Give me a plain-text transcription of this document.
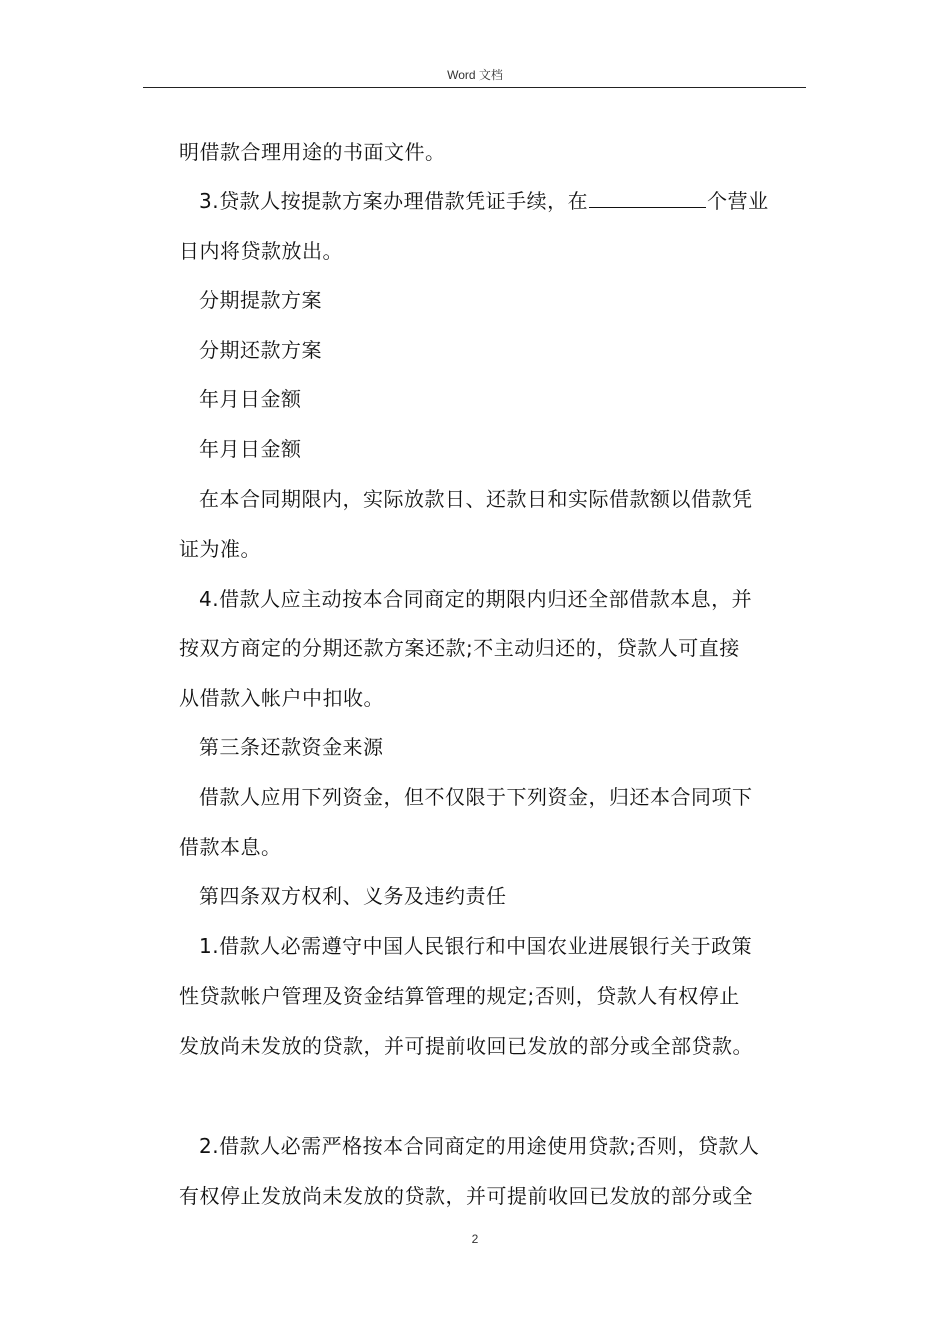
Word 文档
明借款合理用途的书面文件。
3.贷款人按提款方案办理借款凭证手续，在	个营业
日内将贷款放出。
分期提款方案
分期还款方案
年月日金额
年月日金额
在本合同期限内，实际放款日、还款日和实际借款额以借款凭
证为准。
4.借款人应主动按本合同商定的期限内归还全部借款本息，并
按双方商定的分期还款方案还款;不主动归还的，贷款人可直接
从借款入帐户中扣收。
第三条还款资金来源
借款人应用下列资金，但不仅限于下列资金，归还本合同项下
借款本息。
第四条双方权利、义务及违约责任
1.借款人必需遵守中国人民银行和中国农业进展银行关于政策
性贷款帐户管理及资金结算管理的规定;否则，贷款人有权停止
发放尚未发放的贷款，并可提前收回已发放的部分或全部贷款。
2.借款人必需严格按本合同商定的用途使用贷款;否则，贷款人
有权停止发放尚未发放的贷款，并可提前收回已发放的部分或全
2
